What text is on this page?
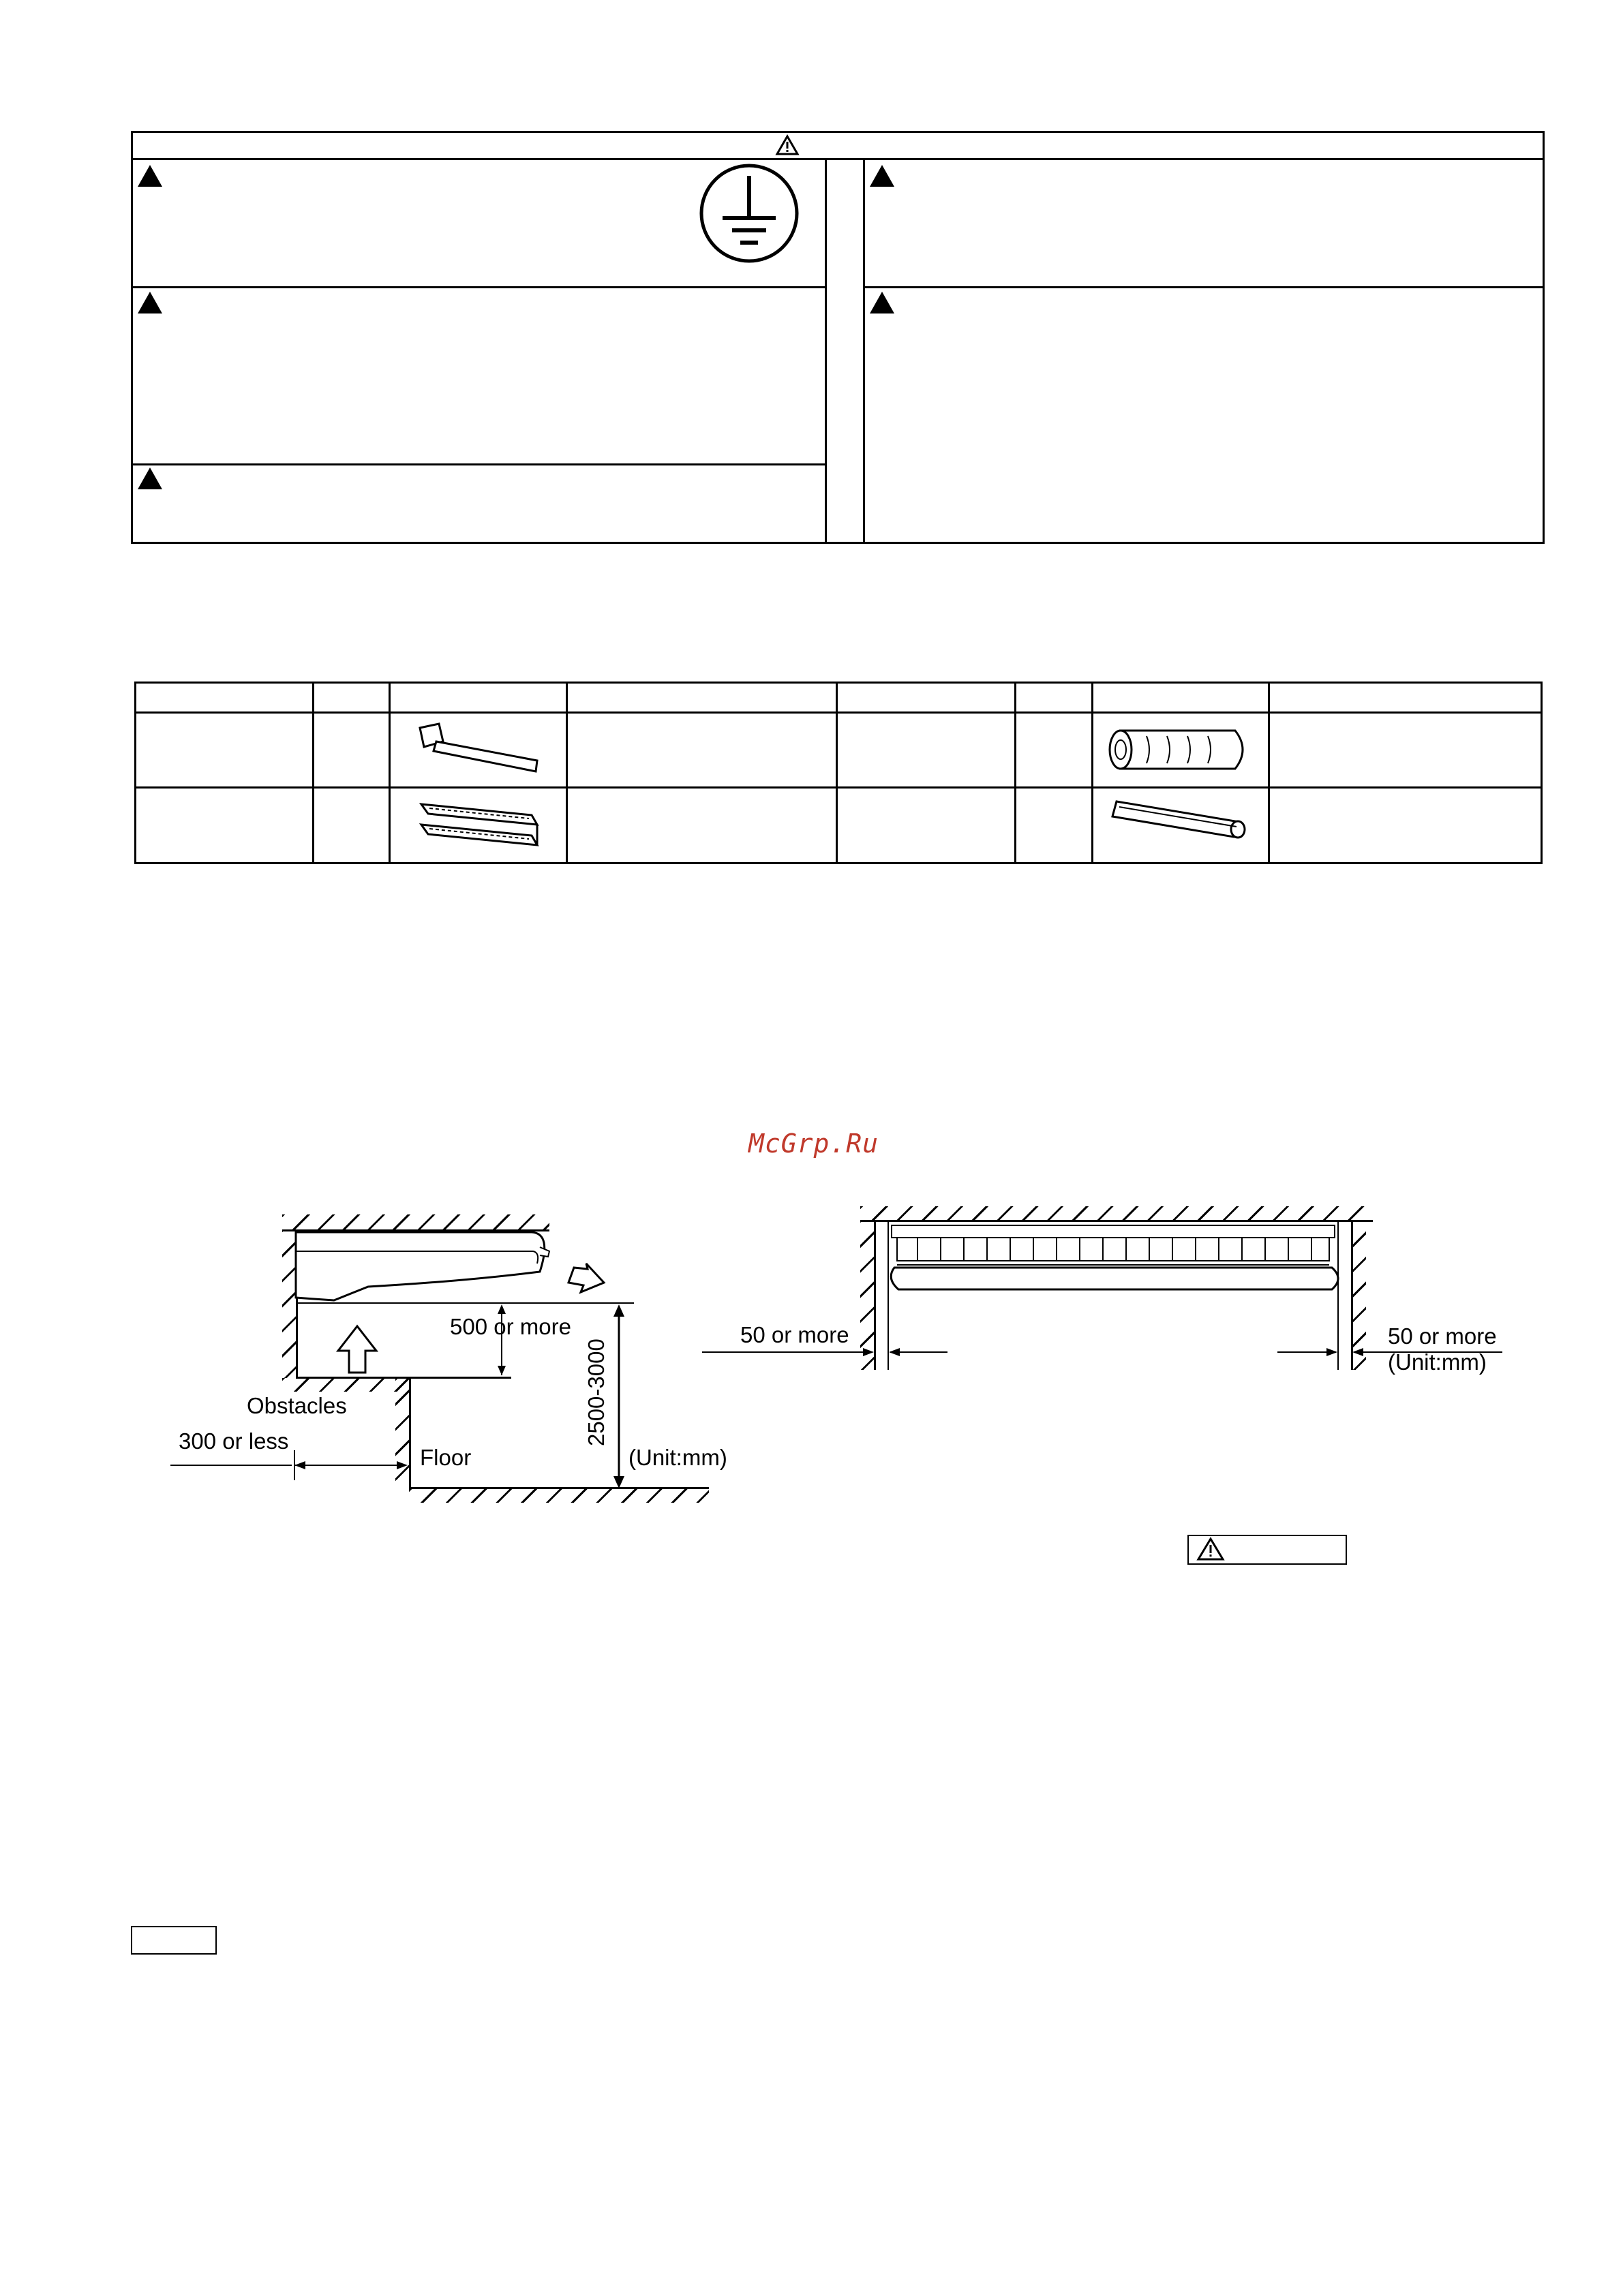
McGrp.Ru
500 or more
2500-3000
Obstacles
300 or less
Floor	(Unit:mm)
50 or more	50 or more
(Unit:mm)
